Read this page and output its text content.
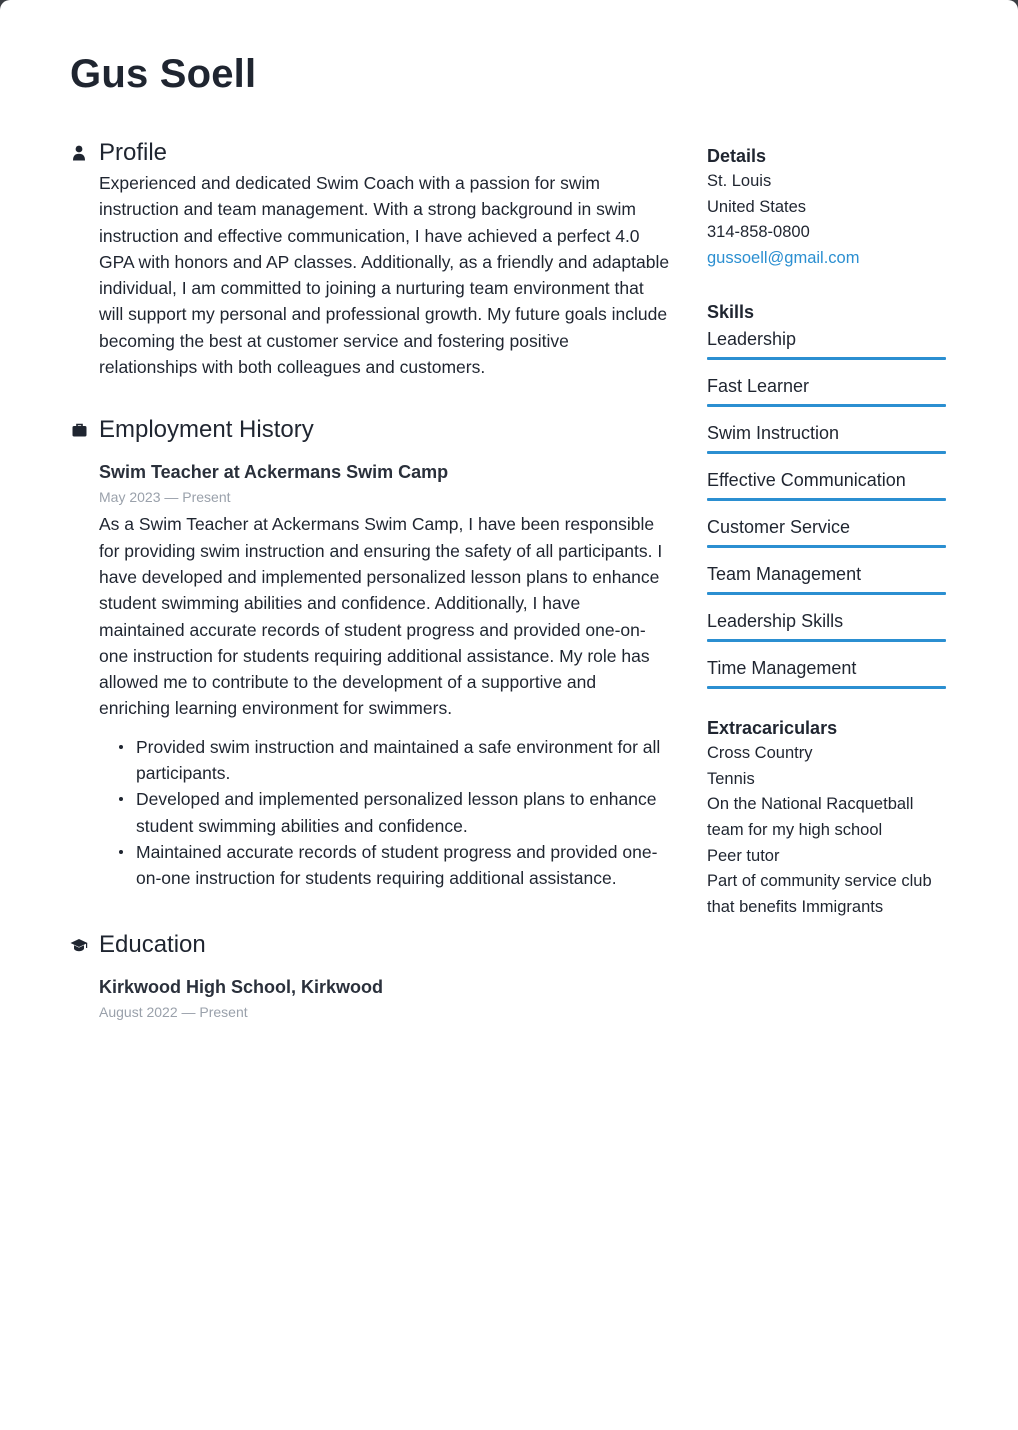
Gus Soell
Profile

Experienced and dedicated Swim Coach with a passion for swim instruction and team management. With a strong background in swim instruction and effective communication, I have achieved a perfect 4.0 GPA with honors and AP classes. Additionally, as a friendly and adaptable individual, I am committed to joining a nurturing team environment that will support my personal and professional growth. My future goals include becoming the best at customer service and fostering positive relationships with both colleagues and customers.

Employment History

Swim Teacher at Ackermans Swim Camp

May 2023 — Present

As a Swim Teacher at Ackermans Swim Camp, I have been responsible for providing swim instruction and ensuring the safety of all participants. I have developed and implemented personalized lesson plans to enhance student swimming abilities and confidence. Additionally, I have maintained accurate records of student progress and provided one-on-one instruction for students requiring additional assistance. My role has allowed me to contribute to the development of a supportive and enriching learning environment for swimmers.

Provided swim instruction and maintained a safe environment for all participants.
Developed and implemented personalized lesson plans to enhance student swimming abilities and confidence.
Maintained accurate records of student progress and provided one-on-one instruction for students requiring additional assistance.
Education

Kirkwood High School, Kirkwood

August 2022 — Present

Details

St. Louis

United States

314-858-0800

gussoell@gmail.com

Skills

Leadership

Fast Learner

Swim Instruction

Effective Communication

Customer Service

Team Management

Leadership Skills

Time Management

Extracariculars

Cross Country

Tennis

On the National Racquetball team for my high school

Peer tutor

Part of community service club that benefits Immigrants
